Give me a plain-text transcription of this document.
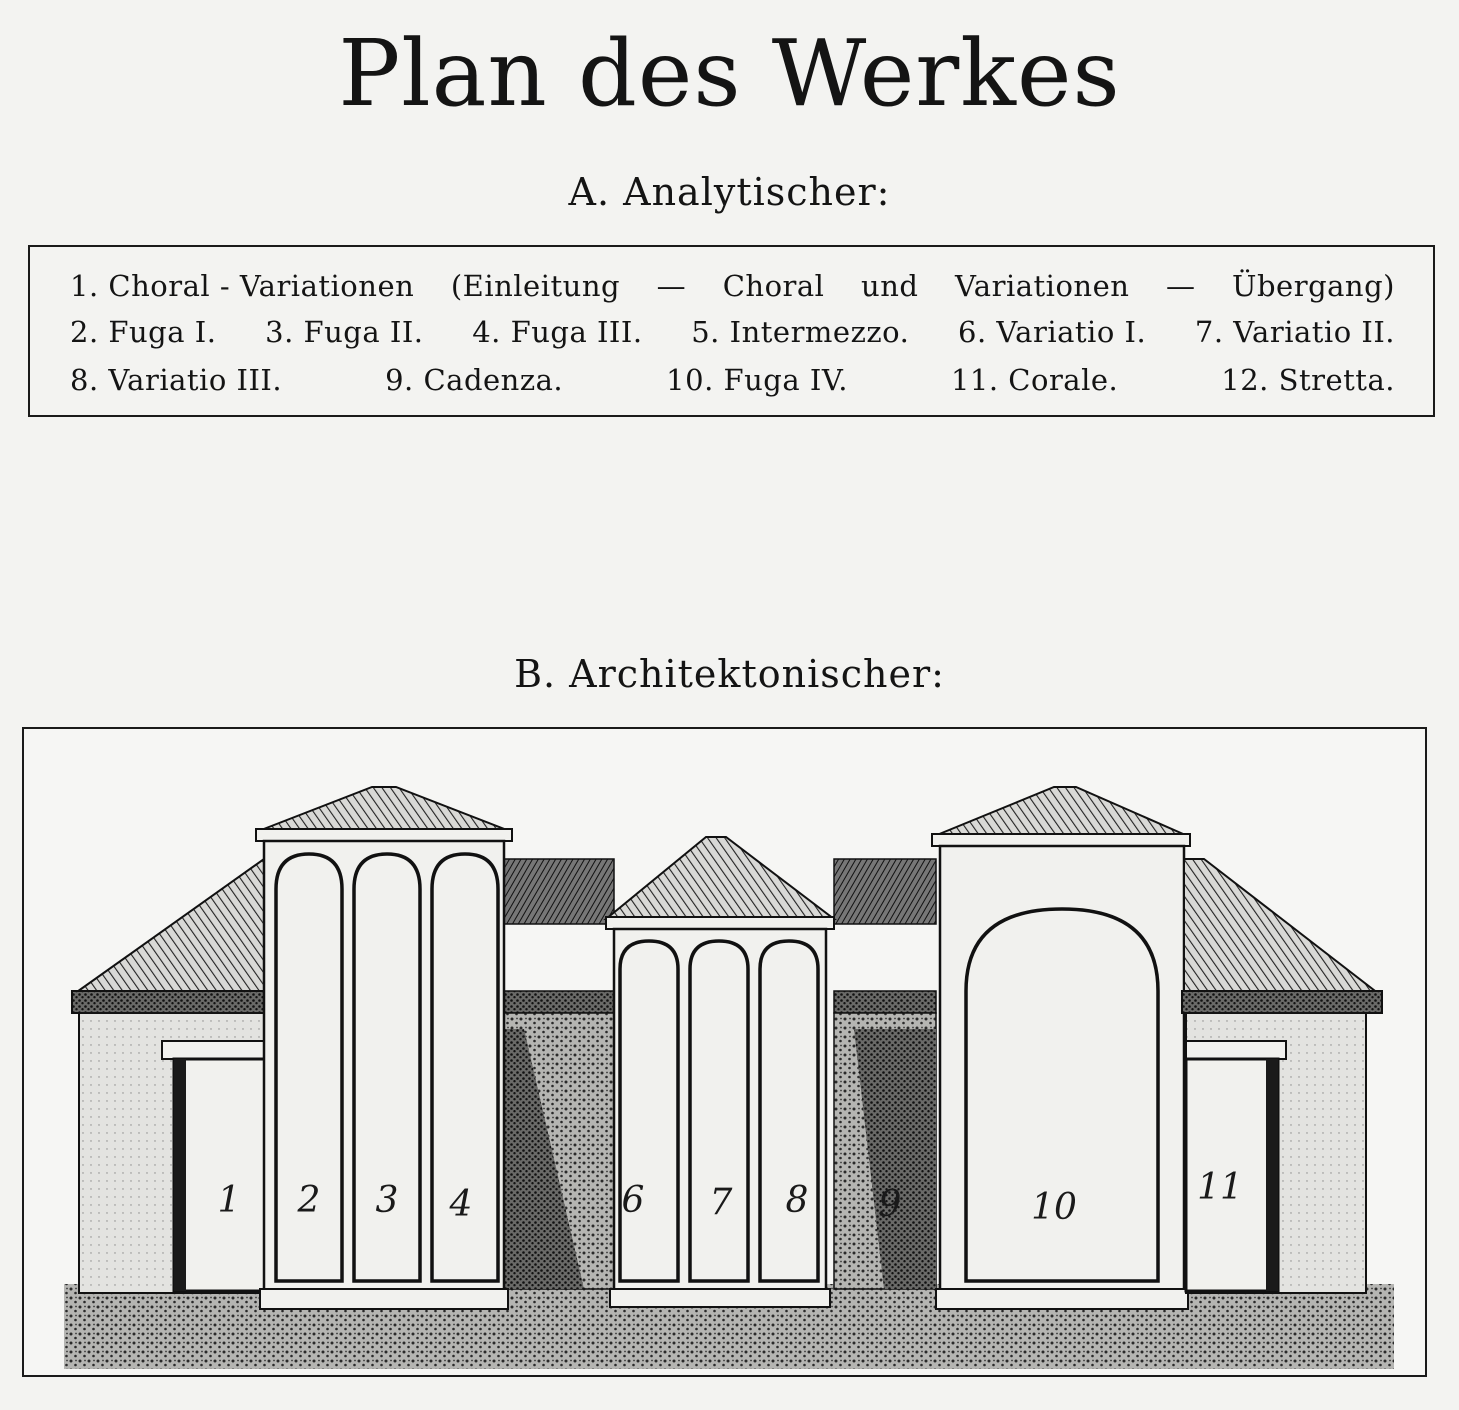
Plan des Werkes
A. Analytischer:
1. Choral - Variationen (Einleitung — Choral und Variationen — Übergang)
2. Fuga I. 3. Fuga II. 4. Fuga III. 5. Intermezzo. 6. Variatio I. 7. Variatio II.
8. Variatio III.	9. Cadenza.	10. Fuga IV.	11. Corale.	12. Stretta.
B. Architektonischer:
1 2 3 4	6 7 8 9	10	11
